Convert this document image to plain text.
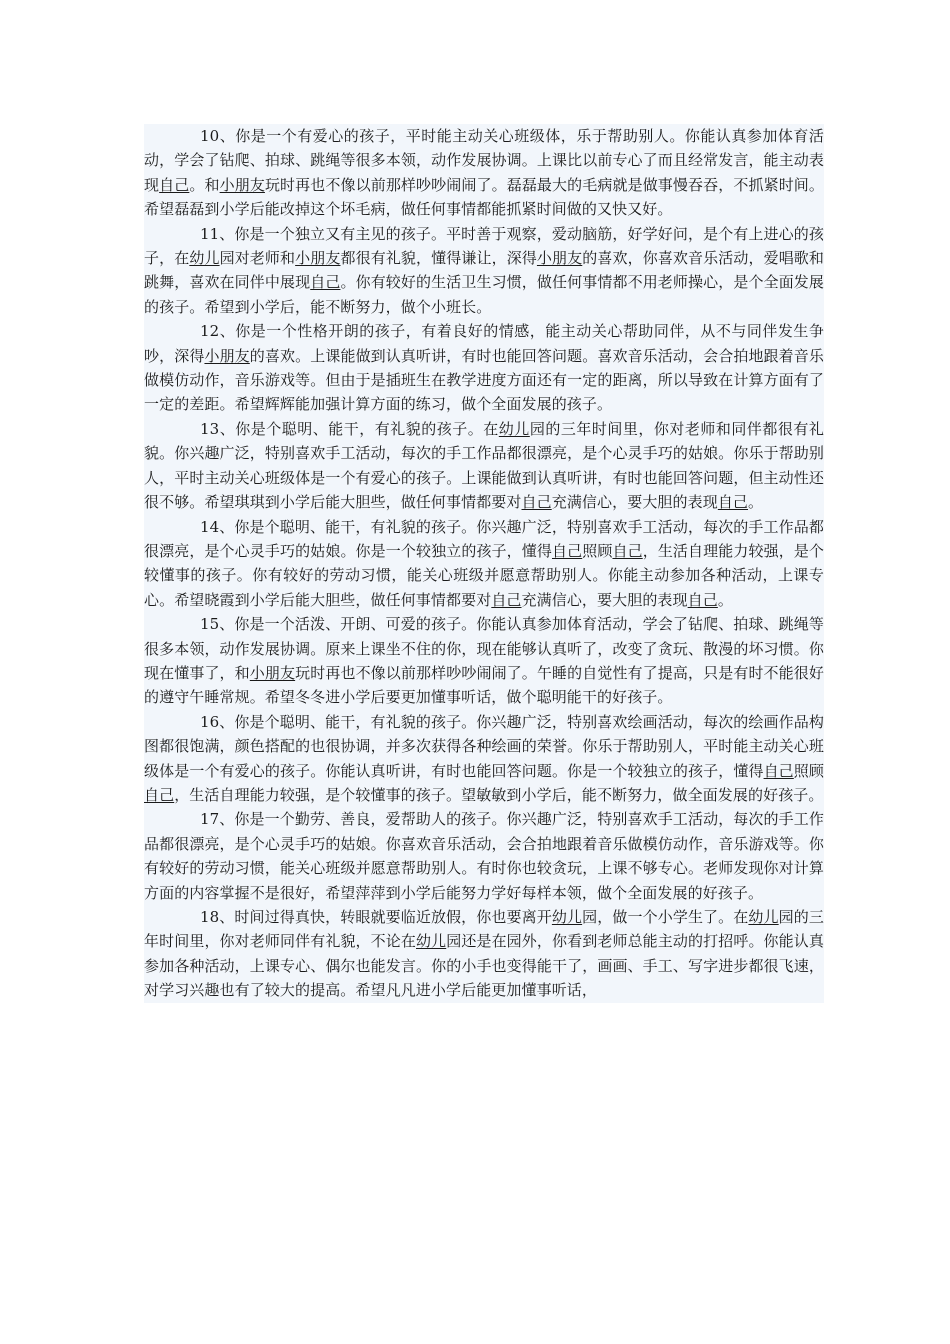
10、你是一个有爱心的孩子，平时能主动关心班级体，乐于帮助别人。你能认真参加体育活动，学会了钻爬、拍球、跳绳等很多本领，动作发展协调。上课比以前专心了而且经常发言，能主动表现自己。和小朋友玩时再也不像以前那样吵吵闹闹了。磊磊最大的毛病就是做事慢吞吞，不抓紧时间。希望磊磊到小学后能改掉这个坏毛病，做任何事情都能抓紧时间做的又快又好。

11、你是一个独立又有主见的孩子。平时善于观察，爱动脑筋，好学好问，是个有上进心的孩子，在幼儿园对老师和小朋友都很有礼貌，懂得谦让，深得小朋友的喜欢，你喜欢音乐活动，爱唱歌和跳舞，喜欢在同伴中展现自己。你有较好的生活卫生习惯，做任何事情都不用老师操心，是个全面发展的孩子。希望到小学后，能不断努力，做个小班长。

12、你是一个性格开朗的孩子，有着良好的情感，能主动关心帮助同伴，从不与同伴发生争吵，深得小朋友的喜欢。上课能做到认真听讲，有时也能回答问题。喜欢音乐活动，会合拍地跟着音乐做模仿动作，音乐游戏等。但由于是插班生在教学进度方面还有一定的距离，所以导致在计算方面有了一定的差距。希望辉辉能加强计算方面的练习，做个全面发展的孩子。

13、你是个聪明、能干，有礼貌的孩子。在幼儿园的三年时间里，你对老师和同伴都很有礼貌。你兴趣广泛，特别喜欢手工活动，每次的手工作品都很漂亮，是个心灵手巧的姑娘。你乐于帮助别人，平时主动关心班级体是一个有爱心的孩子。上课能做到认真听讲，有时也能回答问题，但主动性还很不够。希望琪琪到小学后能大胆些，做任何事情都要对自己充满信心，要大胆的表现自己。

14、你是个聪明、能干，有礼貌的孩子。你兴趣广泛，特别喜欢手工活动，每次的手工作品都很漂亮，是个心灵手巧的姑娘。你是一个较独立的孩子，懂得自己照顾自己，生活自理能力较强，是个较懂事的孩子。你有较好的劳动习惯，能关心班级并愿意帮助别人。你能主动参加各种活动，上课专心。希望晓霞到小学后能大胆些，做任何事情都要对自己充满信心，要大胆的表现自己。

15、你是一个活泼、开朗、可爱的孩子。你能认真参加体育活动，学会了钻爬、拍球、跳绳等很多本领，动作发展协调。原来上课坐不住的你，现在能够认真听了，改变了贪玩、散漫的坏习惯。你现在懂事了，和小朋友玩时再也不像以前那样吵吵闹闹了。午睡的自觉性有了提高，只是有时不能很好的遵守午睡常规。希望冬冬进小学后要更加懂事听话，做个聪明能干的好孩子。

16、你是个聪明、能干，有礼貌的孩子。你兴趣广泛，特别喜欢绘画活动，每次的绘画作品构图都很饱满，颜色搭配的也很协调，并多次获得各种绘画的荣誉。你乐于帮助别人，平时能主动关心班级体是一个有爱心的孩子。你能认真听讲，有时也能回答问题。你是一个较独立的孩子，懂得自己照顾自己，生活自理能力较强，是个较懂事的孩子。望敏敏到小学后，能不断努力，做全面发展的好孩子。

17、你是一个勤劳、善良，爱帮助人的孩子。你兴趣广泛，特别喜欢手工活动，每次的手工作品都很漂亮，是个心灵手巧的姑娘。你喜欢音乐活动，会合拍地跟着音乐做模仿动作，音乐游戏等。你有较好的劳动习惯，能关心班级并愿意帮助别人。有时你也较贪玩，上课不够专心。老师发现你对计算方面的内容掌握不是很好，希望萍萍到小学后能努力学好每样本领，做个全面发展的好孩子。

18、时间过得真快，转眼就要临近放假，你也要离开幼儿园，做一个小学生了。在幼儿园的三年时间里，你对老师同伴有礼貌，不论在幼儿园还是在园外，你看到老师总能主动的打招呼。你能认真参加各种活动，上课专心、偶尔也能发言。你的小手也变得能干了，画画、手工、写字进步都很飞速，对学习兴趣也有了较大的提高。希望凡凡进小学后能更加懂事听话，
